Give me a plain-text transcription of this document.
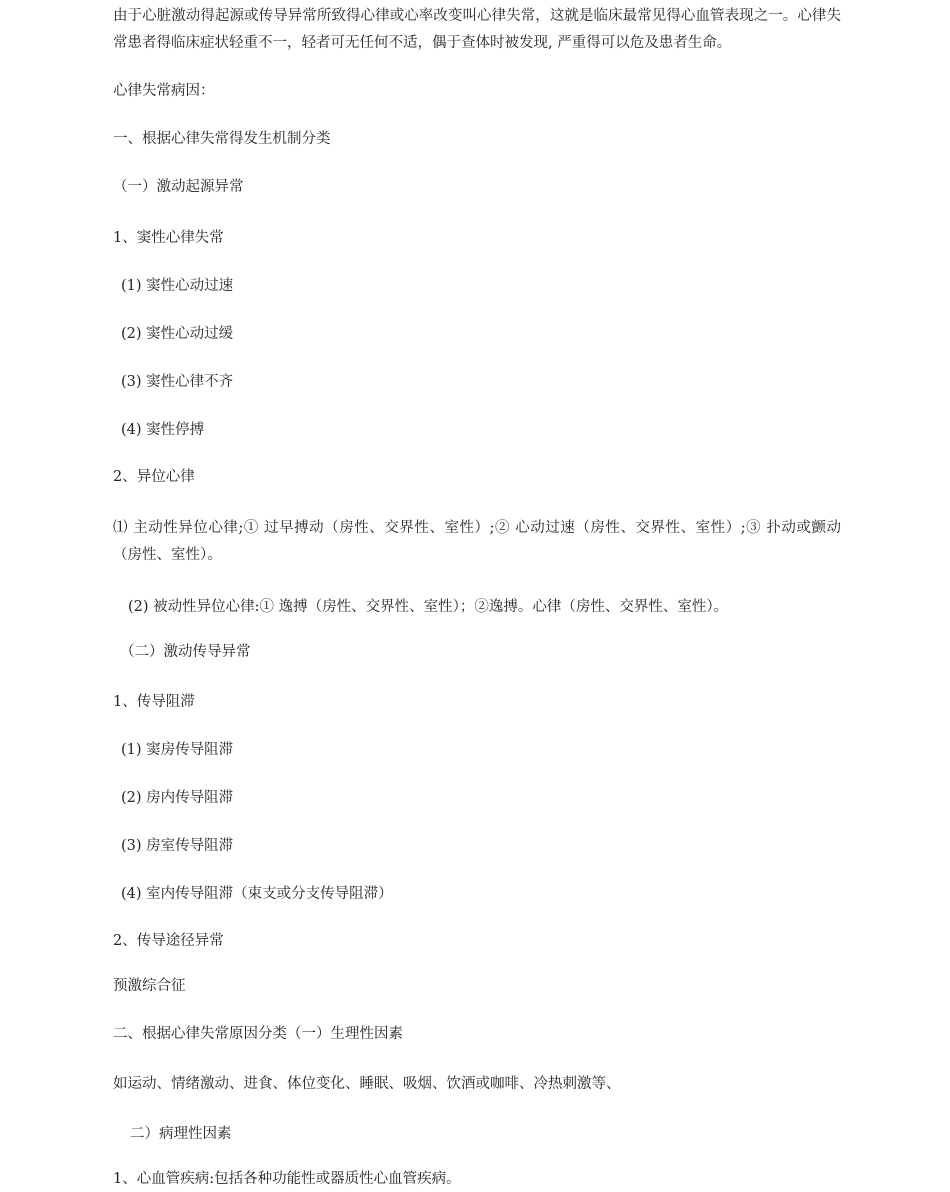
由于心脏激动得起源或传导异常所致得心律或心率改变叫心律失常，这就是临床最常见得心血管表现之一。心律失常患者得临床症状轻重不一，轻者可无任何不适，偶于查体时被发现, 严重得可以危及患者生命。
心律失常病因：
一、根据心律失常得发生机制分类
（一）激动起源异常
1、窦性心律失常
(1) 窦性心动过速
(2) 窦性心动过缓
(3) 窦性心律不齐
(4) 窦性停搏
2、异位心律
⑴ 主动性异位心律;① 过早搏动（房性、交界性、室性）;② 心动过速（房性、交界性、室性）;③ 扑动或颤动（房性、室性）。
(2) 被动性异位心律:① 逸搏（房性、交界性、室性）；②逸搏。心律（房性、交界性、室性）。
（二）激动传导异常
1、传导阻滞
(1) 窦房传导阻滞
(2) 房内传导阻滞
(3) 房室传导阻滞
(4) 室内传导阻滞（束支或分支传导阻滞）
2、传导途径异常
预激综合征
二、根据心律失常原因分类（一）生理性因素
如运动、情绪激动、进食、体位变化、睡眠、吸烟、饮酒或咖啡、冷热刺激等、
二）病理性因素
1、心血管疾病:包括各种功能性或器质性心血管疾病。
